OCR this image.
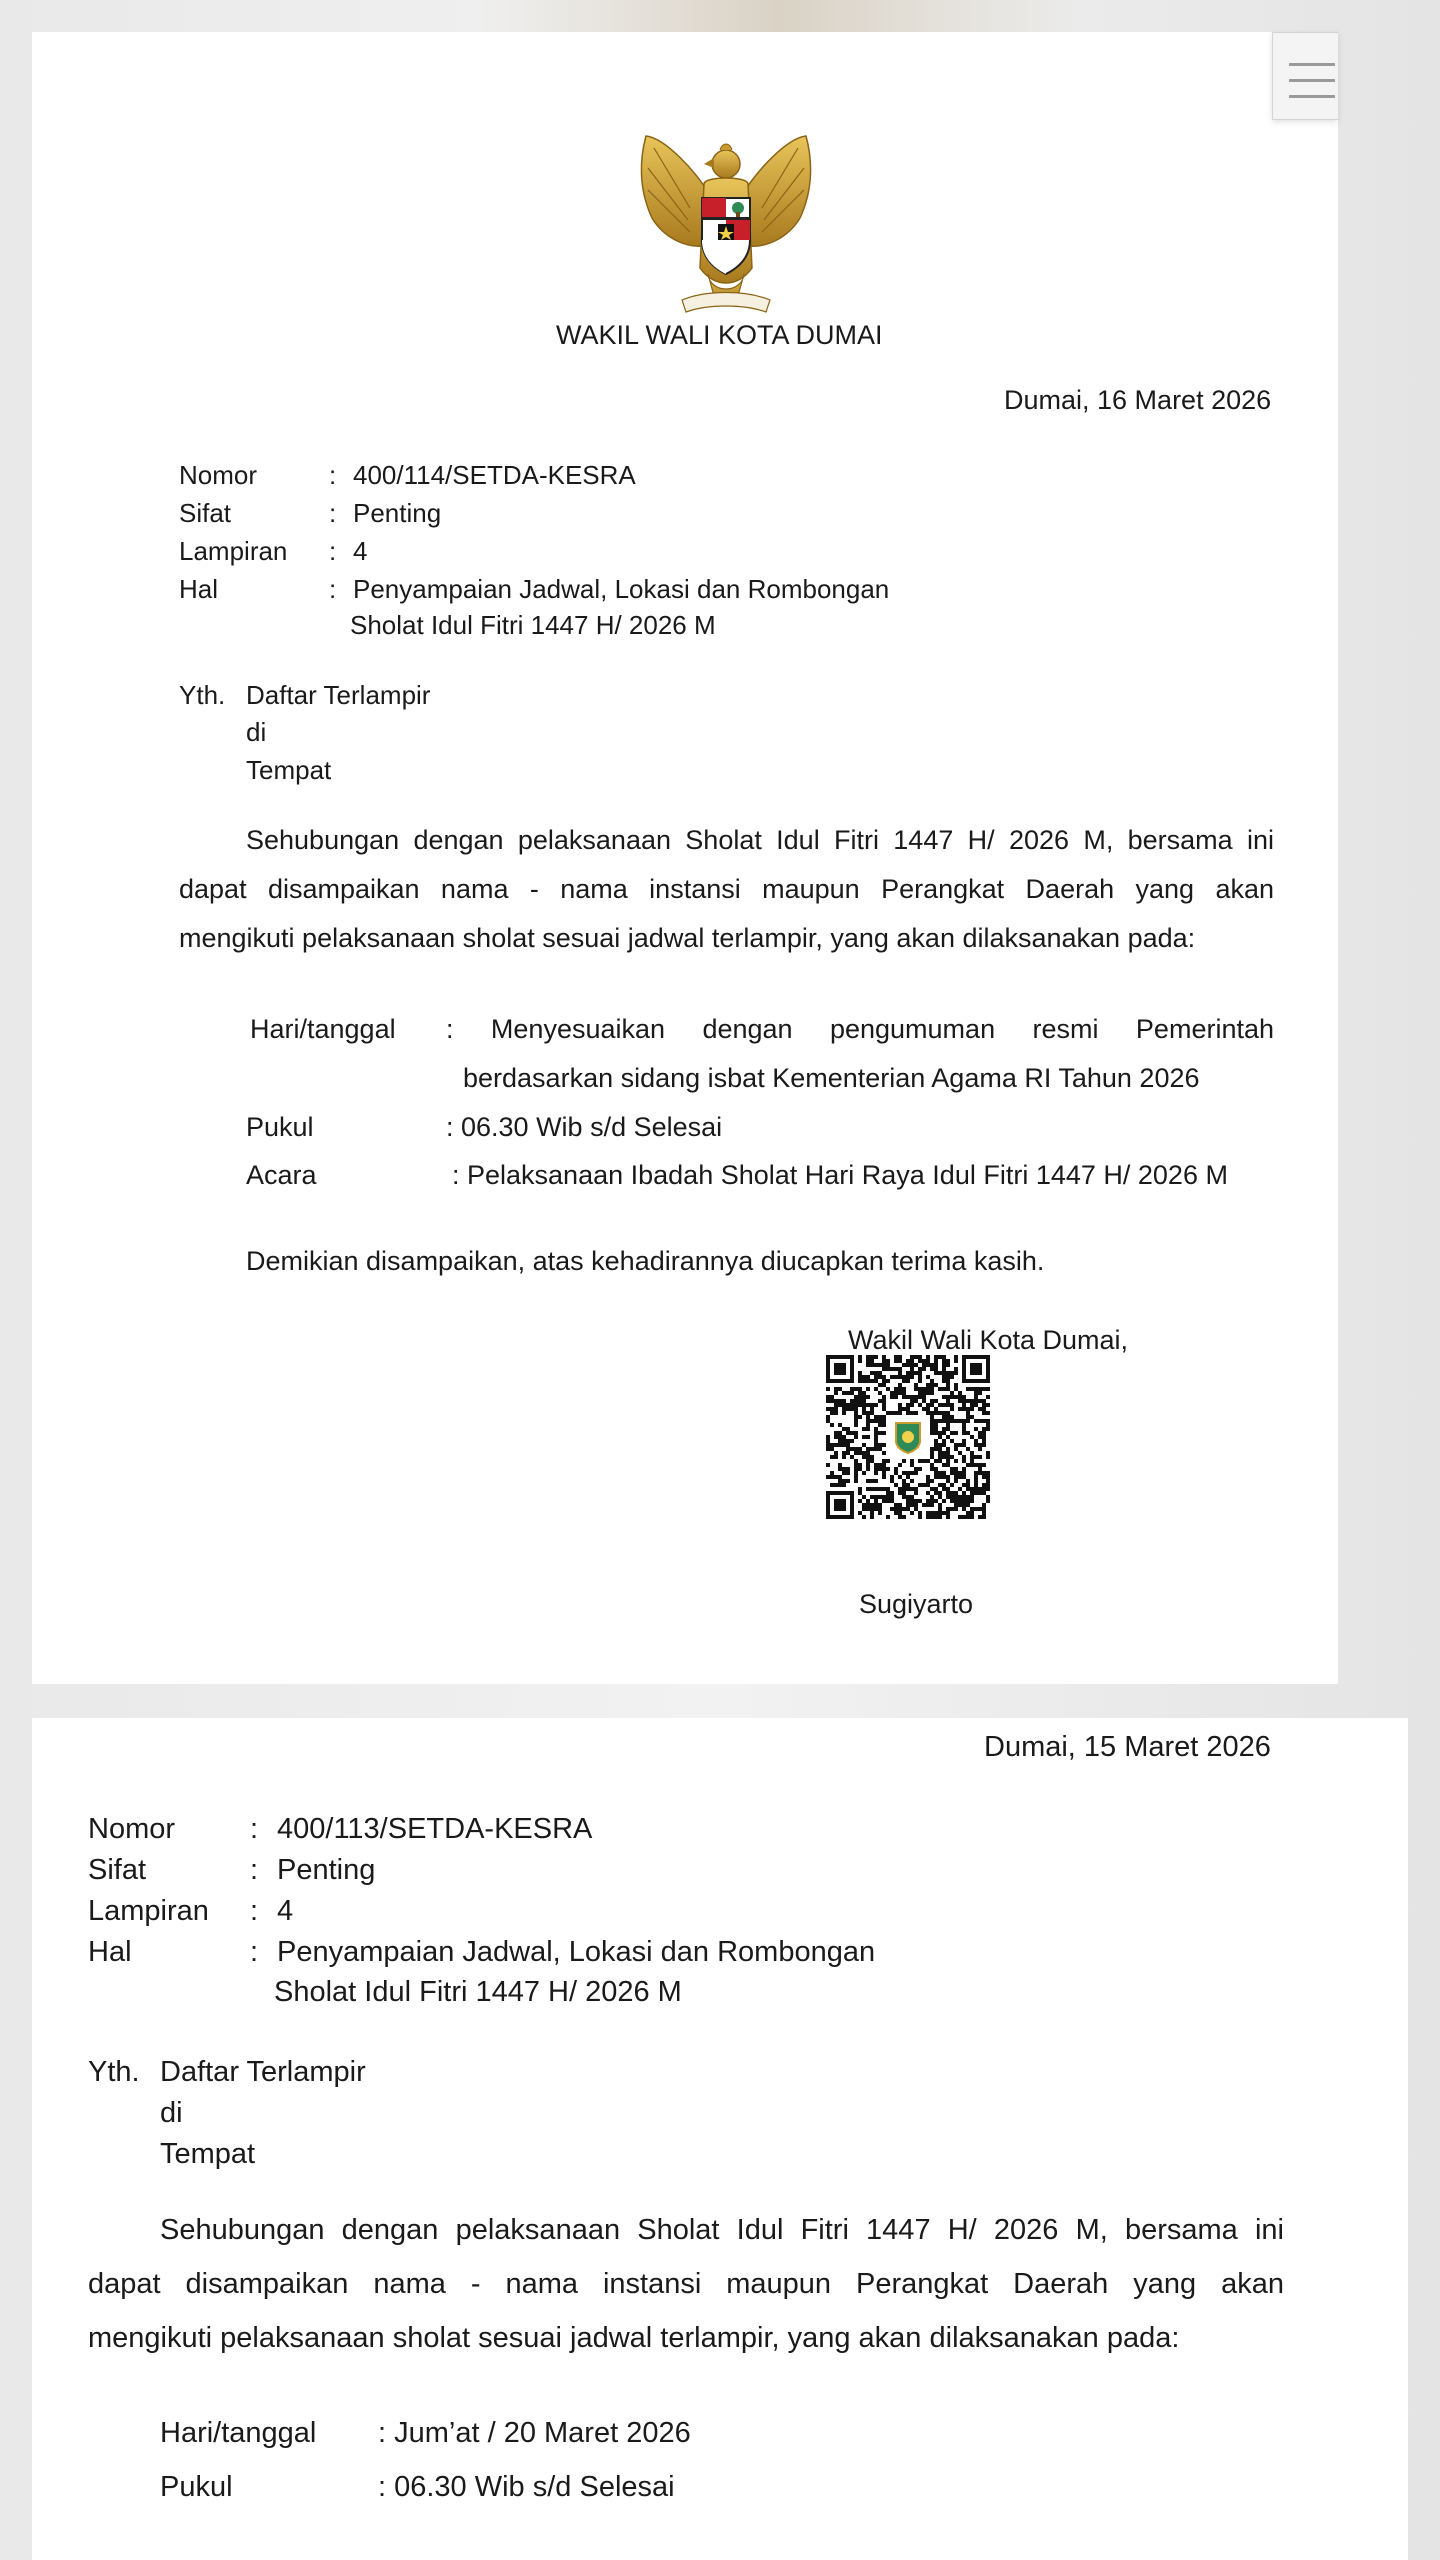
WAKIL WALI KOTA DUMAI
Dumai, 16 Maret 2026
Nomor	: 400/114/SETDA-KESRA
Sifat	: Penting
Lampiran : 4
Hal	: Penyampaian Jadwal, Lokasi dan Rombongan
Sholat Idul Fitri 1447 H/ 2026 M
Yth. Daftar Terlampir
di
Tempat
Sehubungan dengan pelaksanaan Sholat Idul Fitri 1447 H/ 2026 M, bersama ini
dapat disampaikan nama - nama instansi maupun Perangkat Daerah yang akan
mengikuti pelaksanaan sholat sesuai jadwal terlampir, yang akan dilaksanakan pada:
Hari/tanggal : Menyesuaikan dengan pengumuman resmi Pemerintah
berdasarkan sidang isbat Kementerian Agama RI Tahun 2026
Pukul	: 06.30 Wib s/d Selesai
Acara	: Pelaksanaan Ibadah Sholat Hari Raya Idul Fitri 1447 H/ 2026 M
Demikian disampaikan, atas kehadirannya diucapkan terima kasih.
Wakil Wali Kota Dumai,
Sugiyarto
Dumai, 15 Maret 2026
Nomor	: 400/113/SETDA-KESRA
Sifat	: Penting
Lampiran : 4
Hal	: Penyampaian Jadwal, Lokasi dan Rombongan
Sholat Idul Fitri 1447 H/ 2026 M
Yth. Daftar Terlampir
di
Tempat
Sehubungan dengan pelaksanaan Sholat Idul Fitri 1447 H/ 2026 M, bersama ini
dapat disampaikan nama - nama instansi maupun Perangkat Daerah yang akan
mengikuti pelaksanaan sholat sesuai jadwal terlampir, yang akan dilaksanakan pada:
Hari/tanggal : Jum’at / 20 Maret 2026
Pukul	: 06.30 Wib s/d Selesai
